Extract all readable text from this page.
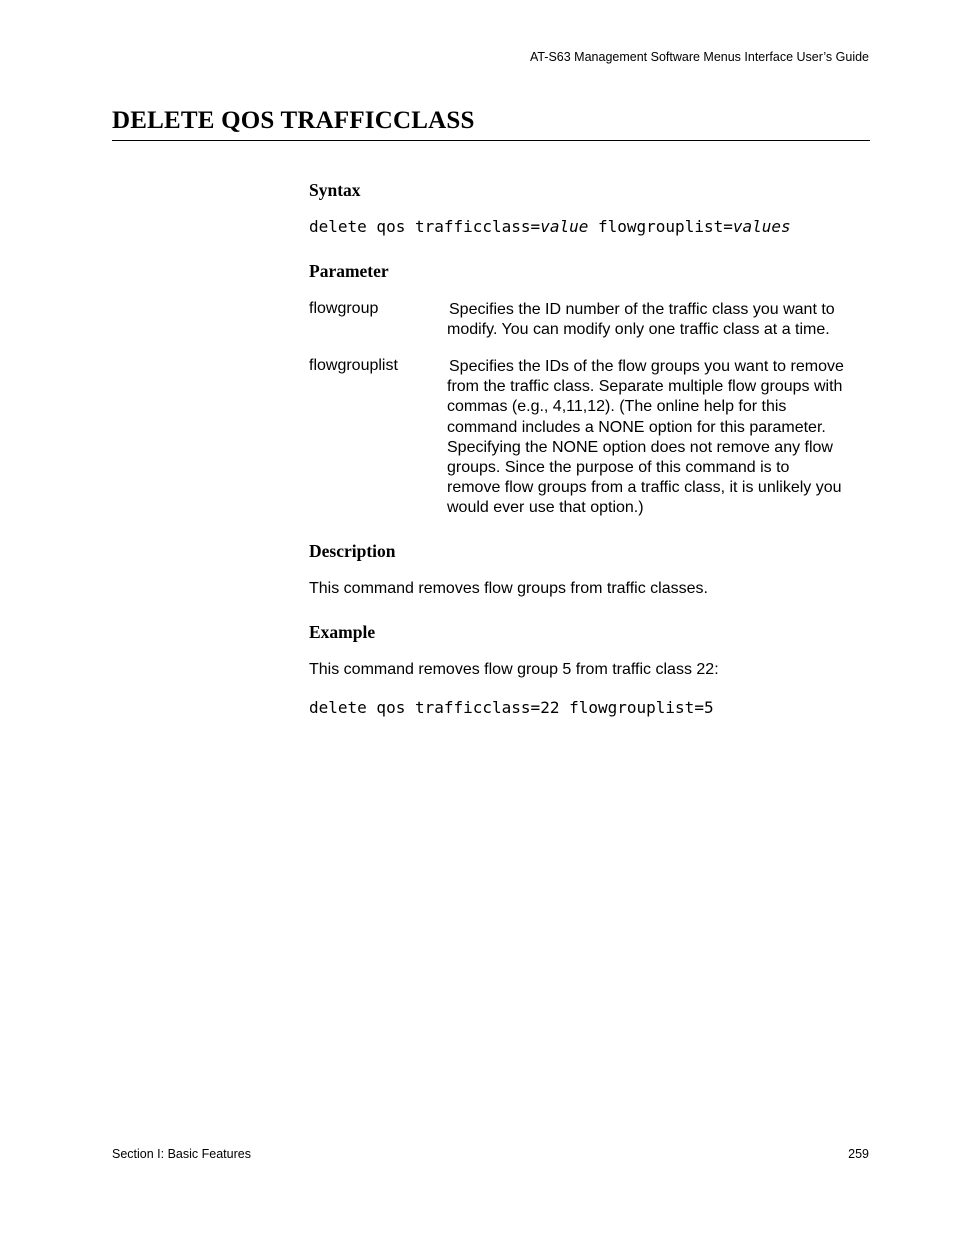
AT-S63 Management Software Menus Interface User’s Guide
DELETE QOS TRAFFICCLASS
Syntax
delete qos trafficclass=value flowgrouplist=values
Parameter
flowgroup	Specifies the ID number of the traffic class you want to
modify. You can modify only one traffic class at a time.
flowgrouplist	Specifies the IDs of the flow groups you want to remove
from the traffic class. Separate multiple flow groups with
commas (e.g., 4,11,12). (The online help for this
command includes a NONE option for this parameter.
Specifying the NONE option does not remove any flow
groups. Since the purpose of this command is to
remove flow groups from a traffic class, it is unlikely you
would ever use that option.)
Description
This command removes flow groups from traffic classes.
Example
This command removes flow group 5 from traffic class 22:
delete qos trafficclass=22 flowgrouplist=5
Section I: Basic Features	259
